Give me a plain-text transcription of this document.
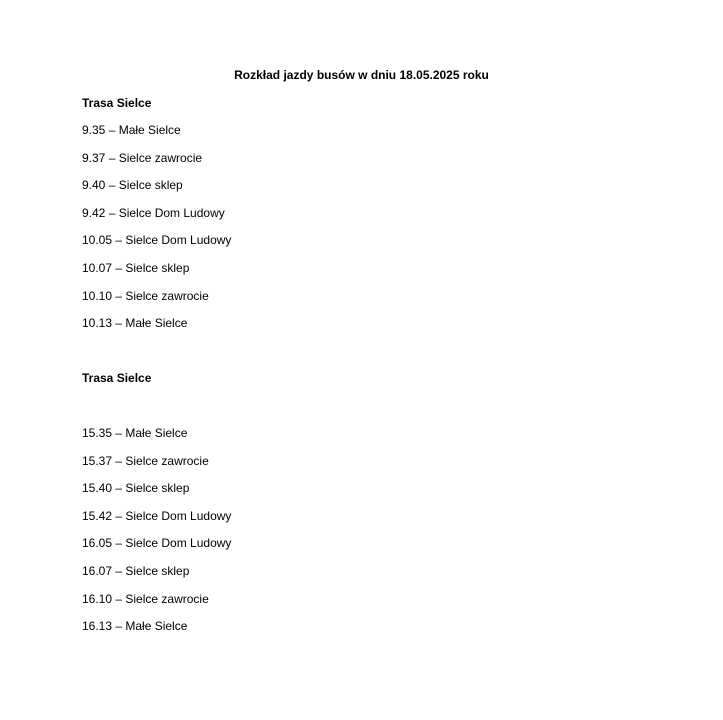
Rozkład jazdy busów w dniu 18.05.2025 roku
Trasa Sielce
9.35 – Małe Sielce
9.37 – Sielce zawrocie
9.40 – Sielce sklep
9.42 – Sielce Dom Ludowy
10.05 – Sielce Dom Ludowy
10.07 – Sielce sklep
10.10 – Sielce zawrocie
10.13 – Małe Sielce
Trasa Sielce
15.35 – Małe Sielce
15.37 – Sielce zawrocie
15.40 – Sielce sklep
15.42 – Sielce Dom Ludowy
16.05 – Sielce Dom Ludowy
16.07 – Sielce sklep
16.10 – Sielce zawrocie
16.13 – Małe Sielce
